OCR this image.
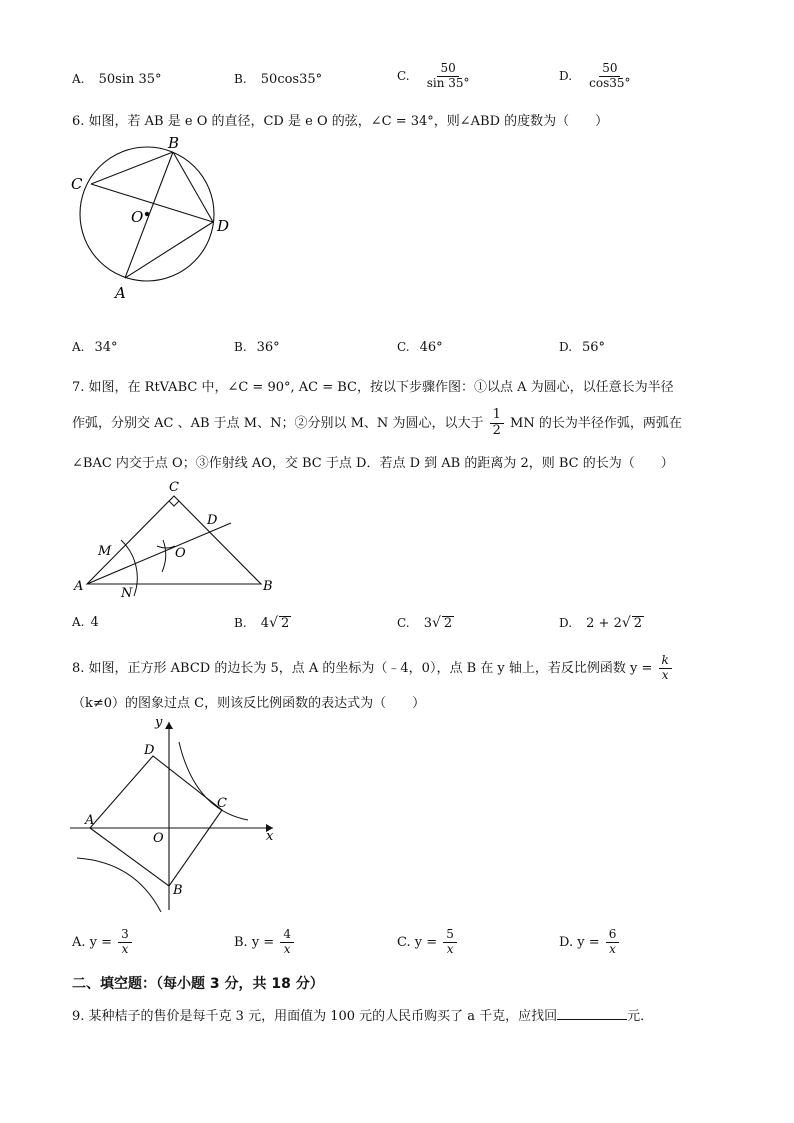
A. 50sin 35°	B. 50cos35°	C. $\frac{50}{\sin 35^\circ}$	D. $\frac{50}{\cos 35^\circ}$
6. 如图，若 AB 是 e O 的直径，CD 是 e O 的弦，∠C = 34°，则∠ABD 的度数为（　　）
B
C
O	D
A
A. 34°	B. 36°	C. 46°	D. 56°
7. 如图，在 RtVABC 中，∠C = 90°, AC = BC，按以下步骤作图：①以点 A 为圆心，以任意长为半径
作弧，分别交 AC 、AB 于点 M、N；②分别以 M、N 为圆心，以大于 $\frac{1}{2}$ MN 的长为半径作弧，两弧在
∠BAC 内交于点 O；③作射线 AO，交 BC 于点 D．若点 D 到 AB 的距离为 2，则 BC 的长为（　　）
D
C
M	O
A	N	B
A. 4	B. 4√ 2	C. 3√ 2	D. 2 + 2√ 2
8. 如图，正方形 ABCD 的边长为 5，点 A 的坐标为（﹣4，0），点 B 在 y 轴上，若反比例函数 $y = \frac{k}{x}$
（k≠0）的图象过点 C，则该反比例函数的表达式为（　　）
y
D
C
A
O	x
B
A. $y = \frac{3}{x}$	B. $y = \frac{4}{x}$	C. $y = \frac{5}{x}$	D. $y = \frac{6}{x}$
二、填空题：（每小题 3 分，共 18 分）
9. 某种桔子的售价是每千克 3 元，用面值为 100 元的人民币购买了 a 千克，应找回	元．
